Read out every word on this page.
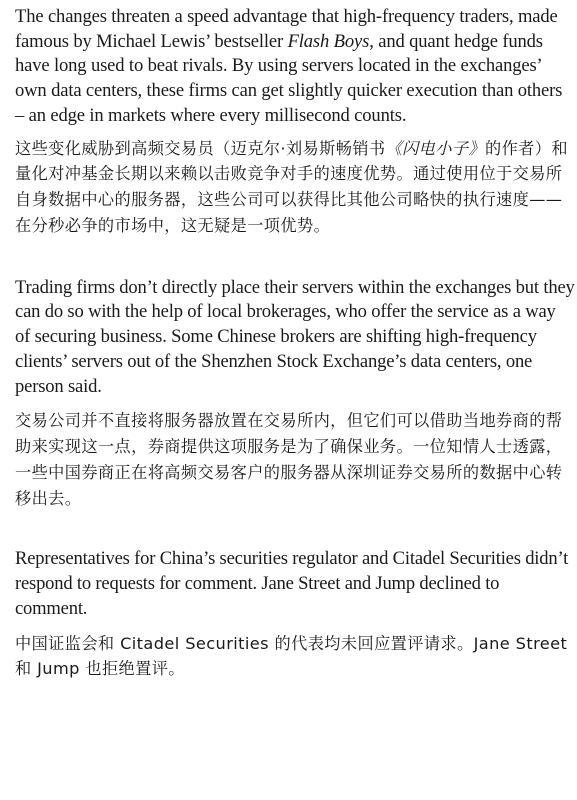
The changes threaten a speed advantage that high-frequency traders, made famous by Michael Lewis’ bestseller Flash Boys, and quant hedge funds have long used to beat rivals. By using servers located in the exchanges’ own data centers, these firms can get slightly quicker execution than others – an edge in markets where every millisecond counts.

这些变化威胁到高频交易员（迈克尔·刘易斯畅销书《闪电小子》的作者）和量化对冲基金长期以来赖以击败竞争对手的速度优势。通过使用位于交易所自身数据中心的服务器，这些公司可以获得比其他公司略快的执行速度——在分秒必争的市场中，这无疑是一项优势。

Trading firms don’t directly place their servers within the exchanges but they can do so with the help of local brokerages, who offer the service as a way of securing business. Some Chinese brokers are shifting high-frequency clients’ servers out of the Shenzhen Stock Exchange’s data centers, one person said.

交易公司并不直接将服务器放置在交易所内，但它们可以借助当地券商的帮助来实现这一点，券商提供这项服务是为了确保业务。一位知情人士透露，一些中国券商正在将高频交易客户的服务器从深圳证券交易所的数据中心转移出去。

Representatives for China’s securities regulator and Citadel Securities didn’t respond to requests for comment. Jane Street and Jump declined to comment.

中国证监会和 Citadel Securities 的代表均未回应置评请求。Jane Street 和 Jump 也拒绝置评。
